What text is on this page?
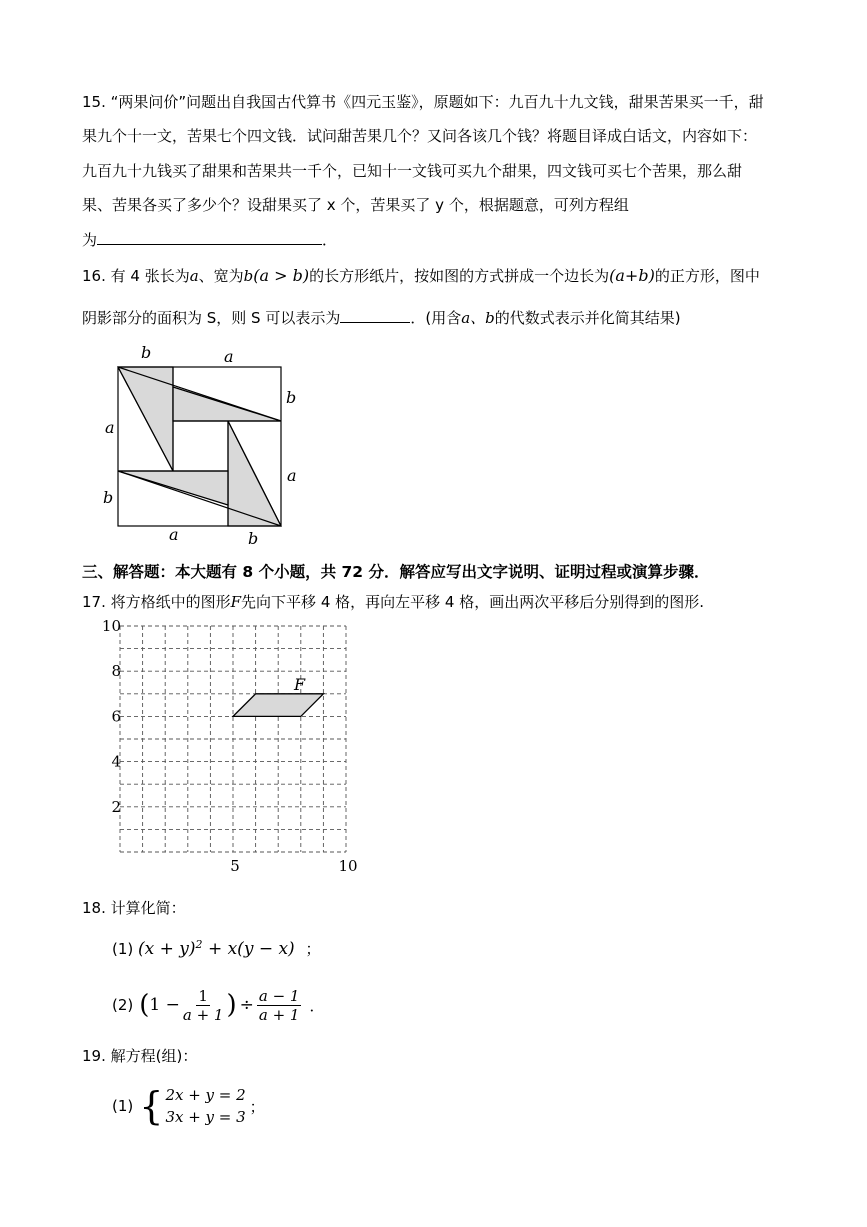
15. “两果问价”问题出自我国古代算书《四元玉鉴》，原题如下：九百九十九文钱，甜果苦果买一千，甜
果九个十一文，苦果七个四文钱．试问甜苦果几个？又问各该几个钱？将题目译成白话文，内容如下：
九百九十九钱买了甜果和苦果共一千个，已知十一文钱可买九个甜果，四文钱可买七个苦果，那么甜
果、苦果各买了多少个？设甜果买了 x 个，苦果买了 y 个，根据题意，可列方程组
为	．
16. 有 4 张长为a、宽为b(a > b)的长方形纸片，按如图的方式拼成一个边长为(a+b)的正方形，图中
阴影部分的面积为 S，则 S 可以表示为	．(用含a、b的代数式表示并化简其结果)
b	a
b
a
a
b
a	b
三、解答题：本大题有 8 个小题，共 72 分．解答应写出文字说明、证明过程或演算步骤．
17. 将方格纸中的图形F先向下平移 4 格，再向左平移 4 格，画出两次平移后分别得到的图形.
F
10
8
6
4
2
5	10
18. 计算化简：
(1) $(x + y)^2 + x(y - x)$ ；
(2) ( $1 - \frac{1}{a + 1}$ ) ÷ $\frac{a - 1}{a + 1}$ ．
19. 解方程(组)：
(1) { 2x + y = 2
3x + y = 3
；
